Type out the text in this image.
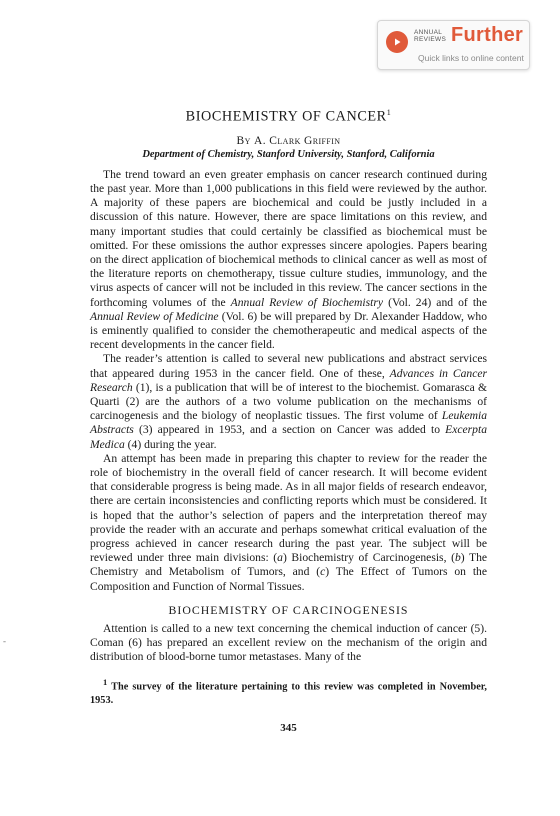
ANNUAL
REVIEWS Further
Quick links to online content
-
BIOCHEMISTRY OF CANCER$^1$

By A. Clark Griffin

Department of Chemistry, Stanford University, Stanford, California

The trend toward an even greater emphasis on cancer research continued during the past year. More than 1,000 publications in this field were reviewed by the author. A majority of these papers are biochemical and could be justly included in a discussion of this nature. However, there are space limitations on this review, and many important studies that could certainly be classified as biochemical must be omitted. For these omissions the author expresses sincere apologies. Papers bearing on the direct application of biochemical methods to clinical cancer as well as most of the literature reports on chemotherapy, tissue culture studies, immunology, and the virus aspects of cancer will not be included in this review. The cancer sections in the forthcoming volumes of the Annual Review of Biochemistry (Vol. 24) and of the Annual Review of Medicine (Vol. 6) be will prepared by Dr. Alexander Haddow, who is eminently qualified to consider the chemotherapeutic and medical aspects of the recent developments in the cancer field.

The reader’s attention is called to several new publications and abstract services that appeared during 1953 in the cancer field. One of these, Advances in Cancer Research (1), is a publication that will be of interest to the biochemist. Gomarasca & Quarti (2) are the authors of a two volume publication on the mechanisms of carcinogenesis and the biology of neoplastic tissues. The first volume of Leukemia Abstracts (3) appeared in 1953, and a section on Cancer was added to Excerpta Medica (4) during the year.

An attempt has been made in preparing this chapter to review for the reader the role of biochemistry in the overall field of cancer research. It will become evident that considerable progress is being made. As in all major fields of research endeavor, there are certain inconsistencies and conflicting reports which must be considered. It is hoped that the author’s selection of papers and the interpretation thereof may provide the reader with an accurate and perhaps somewhat critical evaluation of the progress achieved in cancer research during the past year. The subject will be reviewed under three main divisions: (a) Biochemistry of Carcinogenesis, (b) The Chemistry and Metabolism of Tumors, and (c) The Effect of Tumors on the Composition and Function of Normal Tissues.

BIOCHEMISTRY OF CARCINOGENESIS

Attention is called to a new text concerning the chemical induction of cancer (5). Coman (6) has prepared an excellent review on the mechanism of the origin and distribution of blood-borne tumor metastases. Many of the

$^1$ The survey of the literature pertaining to this review was completed in November, 1953.

345
